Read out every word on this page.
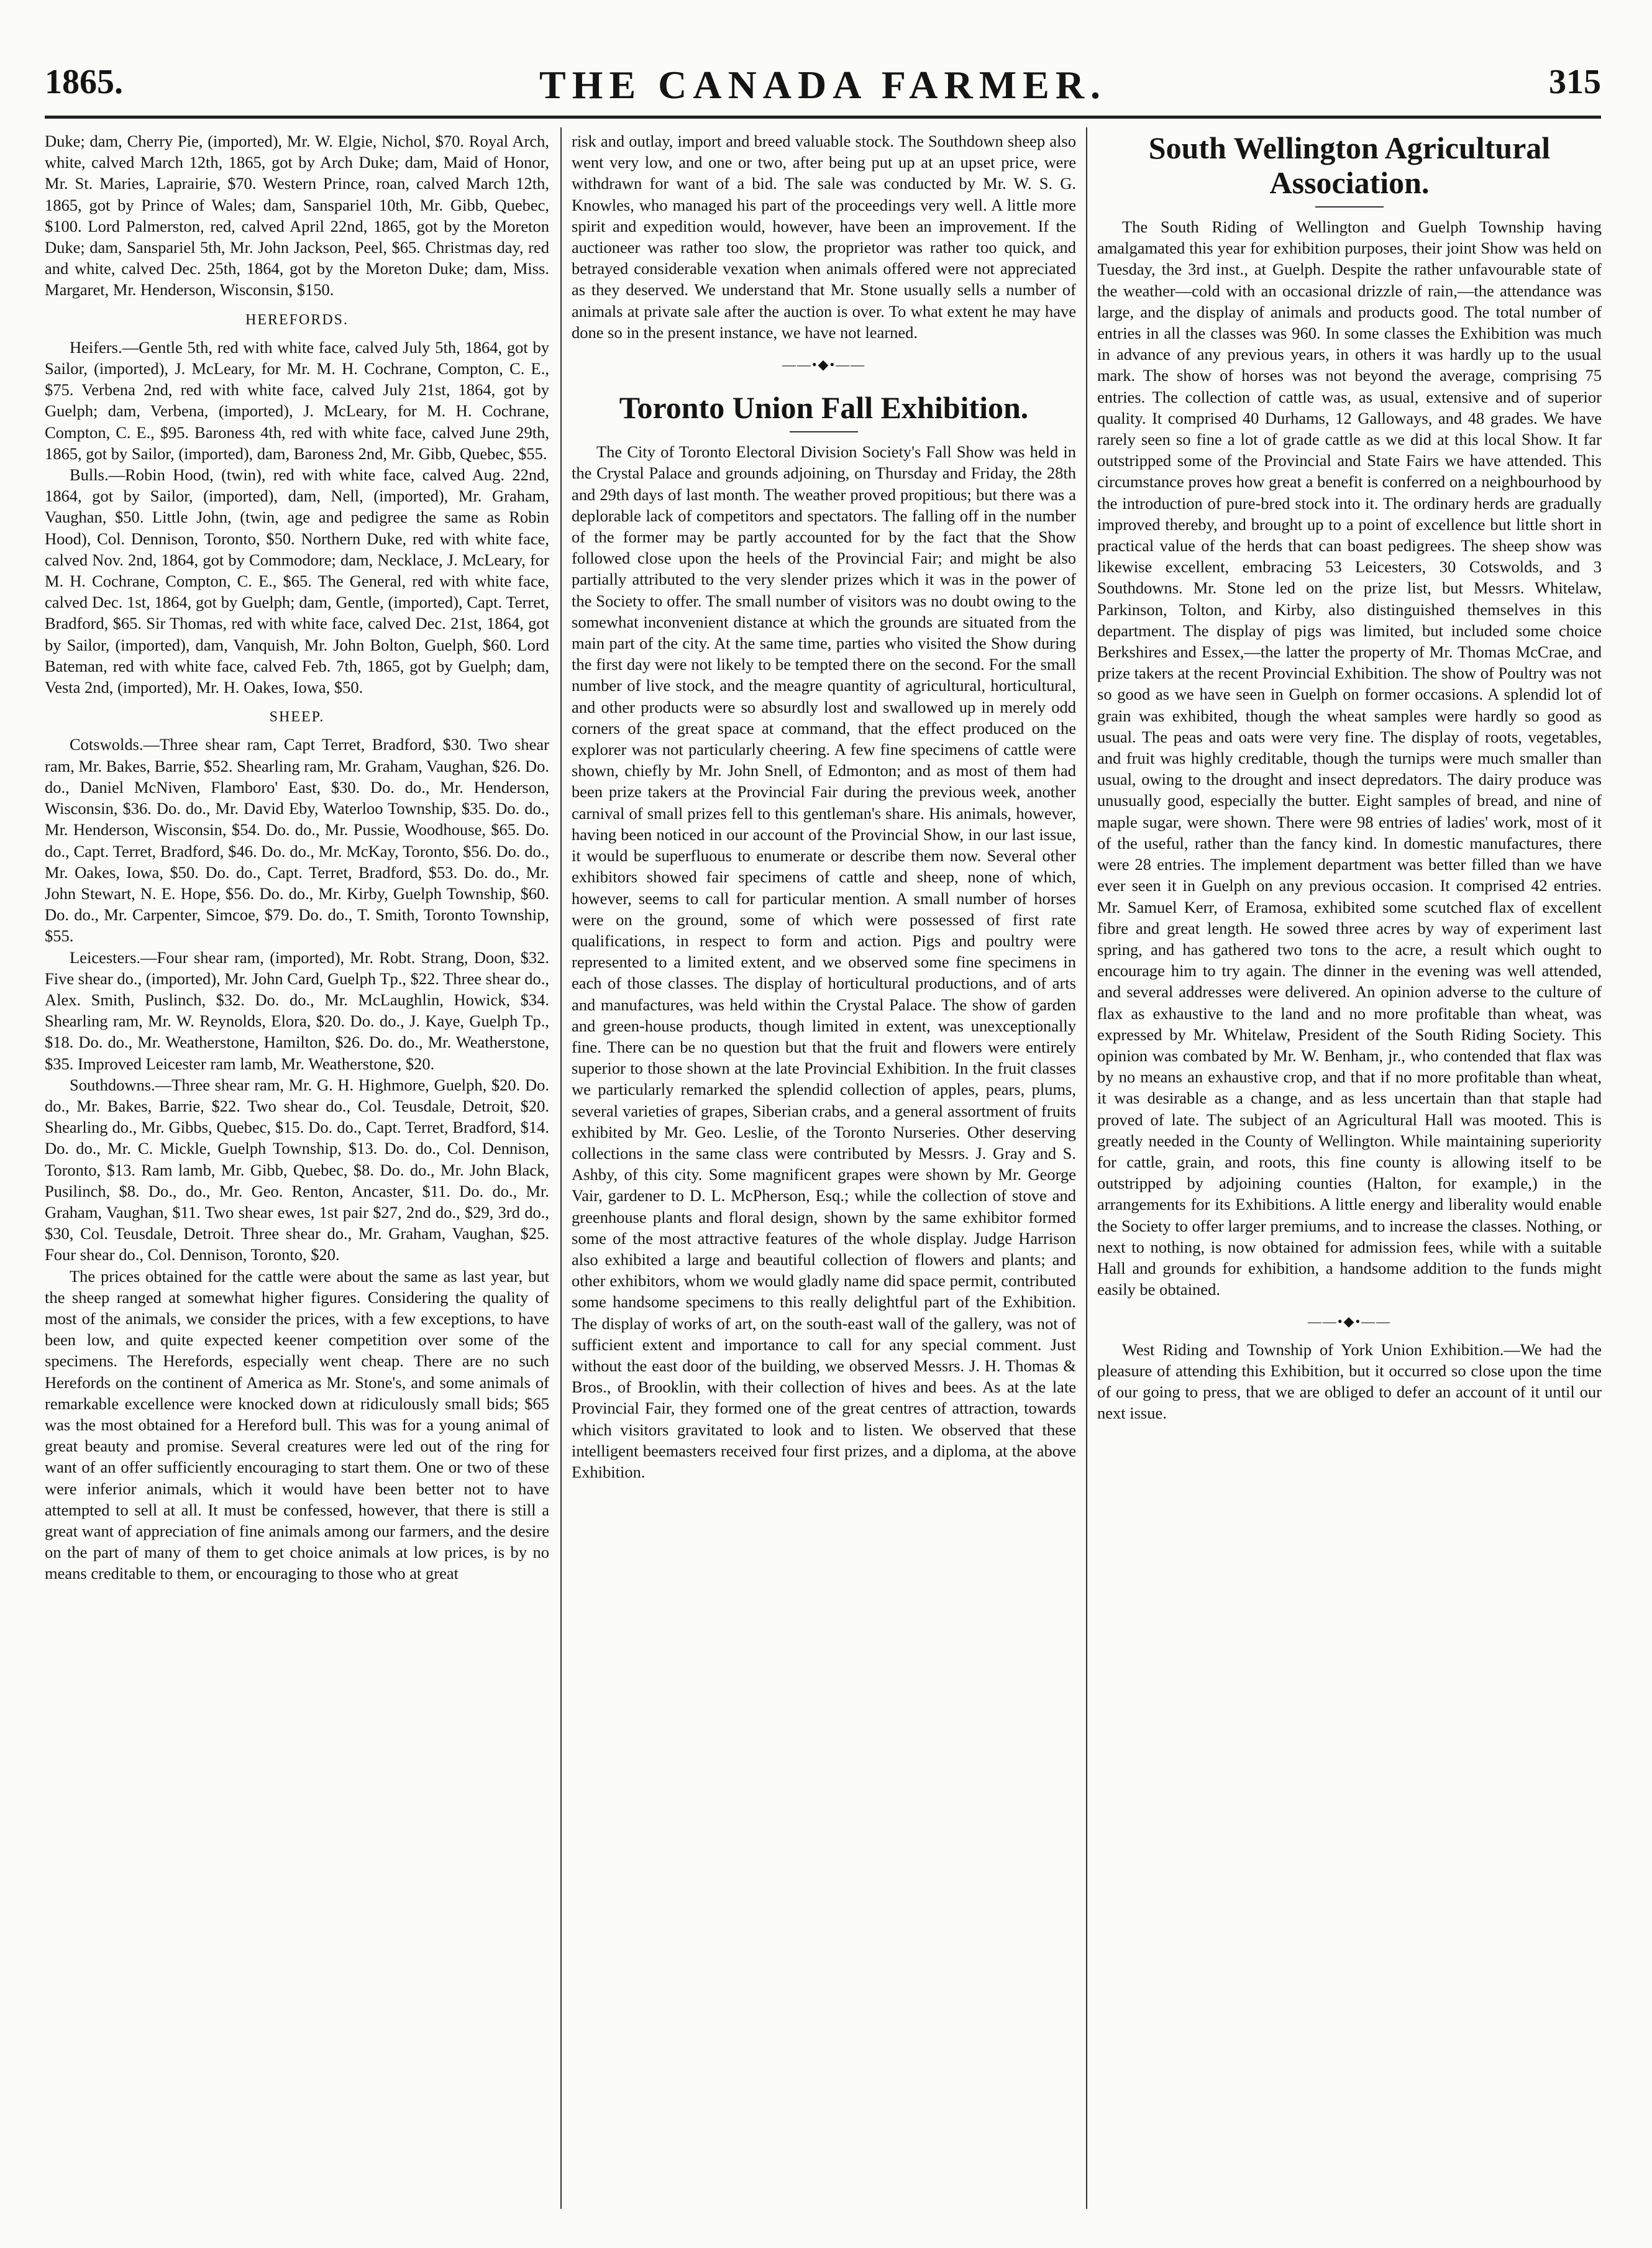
1865.	THE CANADA FARMER.	315

Duke; dam, Cherry Pie, (imported), Mr. W. Elgie, Nichol, $70. Royal Arch, white, calved March 12th, 1865, got by Arch Duke; dam, Maid of Honor, Mr. St. Maries, Laprairie, $70. Western Prince, roan, calved March 12th, 1865, got by Prince of Wales; dam, Sanspariel 10th, Mr. Gibb, Quebec, $100. Lord Palmerston, red, calved April 22nd, 1865, got by the Moreton Duke; dam, Sanspariel 5th, Mr. John Jackson, Peel, $65. Christmas day, red and white, calved Dec. 25th, 1864, got by the Moreton Duke; dam, Miss. Margaret, Mr. Henderson, Wisconsin, $150.

HEREFORDS.

Heifers.—Gentle 5th, red with white face, calved July 5th, 1864, got by Sailor, (imported), J. McLeary, for Mr. M. H. Cochrane, Compton, C. E., $75. Verbena 2nd, red with white face, calved July 21st, 1864, got by Guelph; dam, Verbena, (imported), J. McLeary, for M. H. Cochrane, Compton, C. E., $95. Baroness 4th, red with white face, calved June 29th, 1865, got by Sailor, (imported), dam, Baroness 2nd, Mr. Gibb, Quebec, $55.

Bulls.—Robin Hood, (twin), red with white face, calved Aug. 22nd, 1864, got by Sailor, (imported), dam, Nell, (imported), Mr. Graham, Vaughan, $50. Little John, (twin, age and pedigree the same as Robin Hood), Col. Dennison, Toronto, $50. Northern Duke, red with white face, calved Nov. 2nd, 1864, got by Commodore; dam, Necklace, J. McLeary, for M. H. Cochrane, Compton, C. E., $65. The General, red with white face, calved Dec. 1st, 1864, got by Guelph; dam, Gentle, (imported), Capt. Terret, Bradford, $65. Sir Thomas, red with white face, calved Dec. 21st, 1864, got by Sailor, (imported), dam, Vanquish, Mr. John Bolton, Guelph, $60. Lord Bateman, red with white face, calved Feb. 7th, 1865, got by Guelph; dam, Vesta 2nd, (imported), Mr. H. Oakes, Iowa, $50.

SHEEP.

Cotswolds.—Three shear ram, Capt Terret, Bradford, $30. Two shear ram, Mr. Bakes, Barrie, $52. Shearling ram, Mr. Graham, Vaughan, $26. Do. do., Daniel McNiven, Flamboro' East, $30. Do. do., Mr. Henderson, Wisconsin, $36. Do. do., Mr. David Eby, Waterloo Township, $35. Do. do., Mr. Henderson, Wisconsin, $54. Do. do., Mr. Pussie, Woodhouse, $65. Do. do., Capt. Terret, Bradford, $46. Do. do., Mr. McKay, Toronto, $56. Do. do., Mr. Oakes, Iowa, $50. Do. do., Capt. Terret, Bradford, $53. Do. do., Mr. John Stewart, N. E. Hope, $56. Do. do., Mr. Kirby, Guelph Township, $60. Do. do., Mr. Carpenter, Simcoe, $79. Do. do., T. Smith, Toronto Township, $55.

Leicesters.—Four shear ram, (imported), Mr. Robt. Strang, Doon, $32. Five shear do., (imported), Mr. John Card, Guelph Tp., $22. Three shear do., Alex. Smith, Puslinch, $32. Do. do., Mr. McLaughlin, Howick, $34. Shearling ram, Mr. W. Reynolds, Elora, $20. Do. do., J. Kaye, Guelph Tp., $18. Do. do., Mr. Weatherstone, Hamilton, $26. Do. do., Mr. Weatherstone, $35. Improved Leicester ram lamb, Mr. Weatherstone, $20.

Southdowns.—Three shear ram, Mr. G. H. Highmore, Guelph, $20. Do. do., Mr. Bakes, Barrie, $22. Two shear do., Col. Teusdale, Detroit, $20. Shearling do., Mr. Gibbs, Quebec, $15. Do. do., Capt. Terret, Bradford, $14. Do. do., Mr. C. Mickle, Guelph Township, $13. Do. do., Col. Dennison, Toronto, $13. Ram lamb, Mr. Gibb, Quebec, $8. Do. do., Mr. John Black, Pusilinch, $8. Do., do., Mr. Geo. Renton, Ancaster, $11. Do. do., Mr. Graham, Vaughan, $11. Two shear ewes, 1st pair $27, 2nd do., $29, 3rd do., $30, Col. Teusdale, Detroit. Three shear do., Mr. Graham, Vaughan, $25. Four shear do., Col. Dennison, Toronto, $20.

The prices obtained for the cattle were about the same as last year, but the sheep ranged at somewhat higher figures. Considering the quality of most of the animals, we consider the prices, with a few exceptions, to have been low, and quite expected keener competition over some of the specimens. The Herefords, especially went cheap. There are no such Herefords on the continent of America as Mr. Stone's, and some animals of remarkable excellence were knocked down at ridiculously small bids; $65 was the most obtained for a Hereford bull. This was for a young animal of great beauty and promise. Several creatures were led out of the ring for want of an offer sufficiently encouraging to start them. One or two of these were inferior animals, which it would have been better not to have attempted to sell at all. It must be confessed, however, that there is still a great want of appreciation of fine animals among our farmers, and the desire on the part of many of them to get choice animals at low prices, is by no means creditable to them, or encouraging to those who at great

risk and outlay, import and breed valuable stock. The Southdown sheep also went very low, and one or two, after being put up at an upset price, were withdrawn for want of a bid. The sale was conducted by Mr. W. S. G. Knowles, who managed his part of the proceedings very well. A little more spirit and expedition would, however, have been an improvement. If the auctioneer was rather too slow, the proprietor was rather too quick, and betrayed considerable vexation when animals offered were not appreciated as they deserved. We understand that Mr. Stone usually sells a number of animals at private sale after the auction is over. To what extent he may have done so in the present instance, we have not learned.

——•◆•——
Toronto Union Fall Exhibition.

The City of Toronto Electoral Division Society's Fall Show was held in the Crystal Palace and grounds adjoining, on Thursday and Friday, the 28th and 29th days of last month. The weather proved propitious; but there was a deplorable lack of competitors and spectators. The falling off in the number of the former may be partly accounted for by the fact that the Show followed close upon the heels of the Provincial Fair; and might be also partially attributed to the very slender prizes which it was in the power of the Society to offer. The small number of visitors was no doubt owing to the somewhat inconvenient distance at which the grounds are situated from the main part of the city. At the same time, parties who visited the Show during the first day were not likely to be tempted there on the second. For the small number of live stock, and the meagre quantity of agricultural, horticultural, and other products were so absurdly lost and swallowed up in merely odd corners of the great space at command, that the effect produced on the explorer was not particularly cheering. A few fine specimens of cattle were shown, chiefly by Mr. John Snell, of Edmonton; and as most of them had been prize takers at the Provincial Fair during the previous week, another carnival of small prizes fell to this gentleman's share. His animals, however, having been noticed in our account of the Provincial Show, in our last issue, it would be superfluous to enumerate or describe them now. Several other exhibitors showed fair specimens of cattle and sheep, none of which, however, seems to call for particular mention. A small number of horses were on the ground, some of which were possessed of first rate qualifications, in respect to form and action. Pigs and poultry were represented to a limited extent, and we observed some fine specimens in each of those classes. The display of horticultural productions, and of arts and manufactures, was held within the Crystal Palace. The show of garden and green-house products, though limited in extent, was unexceptionally fine. There can be no question but that the fruit and flowers were entirely superior to those shown at the late Provincial Exhibition. In the fruit classes we particularly remarked the splendid collection of apples, pears, plums, several varieties of grapes, Siberian crabs, and a general assortment of fruits exhibited by Mr. Geo. Leslie, of the Toronto Nurseries. Other deserving collections in the same class were contributed by Messrs. J. Gray and S. Ashby, of this city. Some magnificent grapes were shown by Mr. George Vair, gardener to D. L. McPherson, Esq.; while the collection of stove and greenhouse plants and floral design, shown by the same exhibitor formed some of the most attractive features of the whole display. Judge Harrison also exhibited a large and beautiful collection of flowers and plants; and other exhibitors, whom we would gladly name did space permit, contributed some handsome specimens to this really delightful part of the Exhibition. The display of works of art, on the south-east wall of the gallery, was not of sufficient extent and importance to call for any special comment. Just without the east door of the building, we observed Messrs. J. H. Thomas & Bros., of Brooklin, with their collection of hives and bees. As at the late Provincial Fair, they formed one of the great centres of attraction, towards which visitors gravitated to look and to listen. We observed that these intelligent beemasters received four first prizes, and a diploma, at the above Exhibition.

South Wellington Agricultural Association.

The South Riding of Wellington and Guelph Township having amalgamated this year for exhibition purposes, their joint Show was held on Tuesday, the 3rd inst., at Guelph. Despite the rather unfavourable state of the weather—cold with an occasional drizzle of rain,—the attendance was large, and the display of animals and products good. The total number of entries in all the classes was 960. In some classes the Exhibition was much in advance of any previous years, in others it was hardly up to the usual mark. The show of horses was not beyond the average, comprising 75 entries. The collection of cattle was, as usual, extensive and of superior quality. It comprised 40 Durhams, 12 Galloways, and 48 grades. We have rarely seen so fine a lot of grade cattle as we did at this local Show. It far outstripped some of the Provincial and State Fairs we have attended. This circumstance proves how great a benefit is conferred on a neighbourhood by the introduction of pure-bred stock into it. The ordinary herds are gradually improved thereby, and brought up to a point of excellence but little short in practical value of the herds that can boast pedigrees. The sheep show was likewise excellent, embracing 53 Leicesters, 30 Cotswolds, and 3 Southdowns. Mr. Stone led on the prize list, but Messrs. Whitelaw, Parkinson, Tolton, and Kirby, also distinguished themselves in this department. The display of pigs was limited, but included some choice Berkshires and Essex,—the latter the property of Mr. Thomas McCrae, and prize takers at the recent Provincial Exhibition. The show of Poultry was not so good as we have seen in Guelph on former occasions. A splendid lot of grain was exhibited, though the wheat samples were hardly so good as usual. The peas and oats were very fine. The display of roots, vegetables, and fruit was highly creditable, though the turnips were much smaller than usual, owing to the drought and insect depredators. The dairy produce was unusually good, especially the butter. Eight samples of bread, and nine of maple sugar, were shown. There were 98 entries of ladies' work, most of it of the useful, rather than the fancy kind. In domestic manufactures, there were 28 entries. The implement department was better filled than we have ever seen it in Guelph on any previous occasion. It comprised 42 entries. Mr. Samuel Kerr, of Eramosa, exhibited some scutched flax of excellent fibre and great length. He sowed three acres by way of experiment last spring, and has gathered two tons to the acre, a result which ought to encourage him to try again. The dinner in the evening was well attended, and several addresses were delivered. An opinion adverse to the culture of flax as exhaustive to the land and no more profitable than wheat, was expressed by Mr. Whitelaw, President of the South Riding Society. This opinion was combated by Mr. W. Benham, jr., who contended that flax was by no means an exhaustive crop, and that if no more profitable than wheat, it was desirable as a change, and as less uncertain than that staple had proved of late. The subject of an Agricultural Hall was mooted. This is greatly needed in the County of Wellington. While maintaining superiority for cattle, grain, and roots, this fine county is allowing itself to be outstripped by adjoining counties (Halton, for example,) in the arrangements for its Exhibitions. A little energy and liberality would enable the Society to offer larger premiums, and to increase the classes. Nothing, or next to nothing, is now obtained for admission fees, while with a suitable Hall and grounds for exhibition, a handsome addition to the funds might easily be obtained.

——•◆•——

West Riding and Township of York Union Exhibition.—We had the pleasure of attending this Exhibition, but it occurred so close upon the time of our going to press, that we are obliged to defer an account of it until our next issue.
